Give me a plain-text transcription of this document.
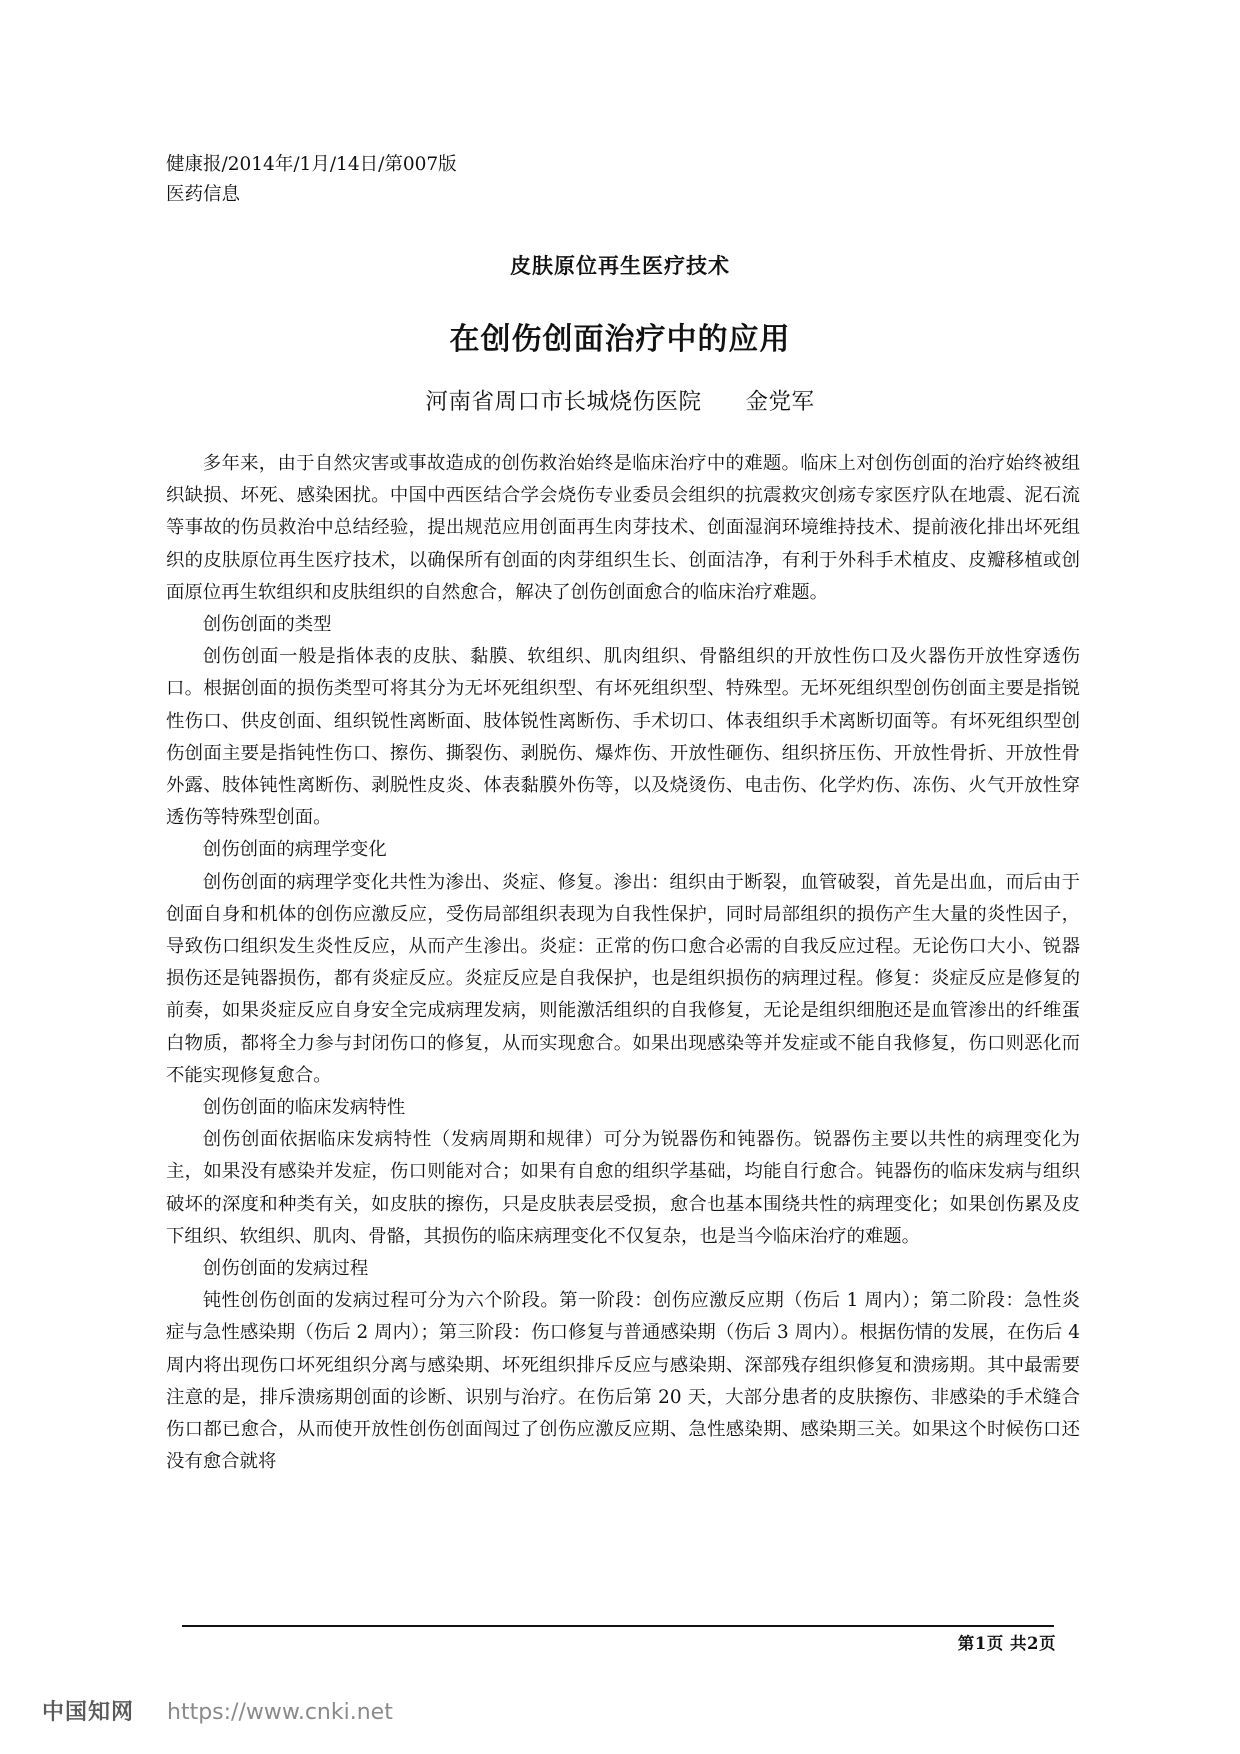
健康报/2014年/1月/14日/第007版
医药信息
皮肤原位再生医疗技术
在创伤创面治疗中的应用
河南省周口市长城烧伤医院 金党军

多年来，由于自然灾害或事故造成的创伤救治始终是临床治疗中的难题。临床上对创伤创面的治疗始终被组织缺损、坏死、感染困扰。中国中西医结合学会烧伤专业委员会组织的抗震救灾创疡专家医疗队在地震、泥石流等事故的伤员救治中总结经验，提出规范应用创面再生肉芽技术、创面湿润环境维持技术、提前液化排出坏死组织的皮肤原位再生医疗技术，以确保所有创面的肉芽组织生长、创面洁净，有利于外科手术植皮、皮瓣移植或创面原位再生软组织和皮肤组织的自然愈合，解决了创伤创面愈合的临床治疗难题。

创伤创面的类型

创伤创面一般是指体表的皮肤、黏膜、软组织、肌肉组织、骨骼组织的开放性伤口及火器伤开放性穿透伤口。根据创面的损伤类型可将其分为无坏死组织型、有坏死组织型、特殊型。无坏死组织型创伤创面主要是指锐性伤口、供皮创面、组织锐性离断面、肢体锐性离断伤、手术切口、体表组织手术离断切面等。有坏死组织型创伤创面主要是指钝性伤口、擦伤、撕裂伤、剥脱伤、爆炸伤、开放性砸伤、组织挤压伤、开放性骨折、开放性骨外露、肢体钝性离断伤、剥脱性皮炎、体表黏膜外伤等，以及烧烫伤、电击伤、化学灼伤、冻伤、火气开放性穿透伤等特殊型创面。

创伤创面的病理学变化

创伤创面的病理学变化共性为渗出、炎症、修复。渗出：组织由于断裂，血管破裂，首先是出血，而后由于创面自身和机体的创伤应激反应，受伤局部组织表现为自我性保护，同时局部组织的损伤产生大量的炎性因子，导致伤口组织发生炎性反应，从而产生渗出。炎症：正常的伤口愈合必需的自我反应过程。无论伤口大小、锐器损伤还是钝器损伤，都有炎症反应。炎症反应是自我保护，也是组织损伤的病理过程。修复：炎症反应是修复的前奏，如果炎症反应自身安全完成病理发病，则能激活组织的自我修复，无论是组织细胞还是血管渗出的纤维蛋白物质，都将全力参与封闭伤口的修复，从而实现愈合。如果出现感染等并发症或不能自我修复，伤口则恶化而不能实现修复愈合。

创伤创面的临床发病特性

创伤创面依据临床发病特性（发病周期和规律）可分为锐器伤和钝器伤。锐器伤主要以共性的病理变化为主，如果没有感染并发症，伤口则能对合；如果有自愈的组织学基础，均能自行愈合。钝器伤的临床发病与组织破坏的深度和种类有关，如皮肤的擦伤，只是皮肤表层受损，愈合也基本围绕共性的病理变化；如果创伤累及皮下组织、软组织、肌肉、骨骼，其损伤的临床病理变化不仅复杂，也是当今临床治疗的难题。

创伤创面的发病过程

钝性创伤创面的发病过程可分为六个阶段。第一阶段：创伤应激反应期（伤后 1 周内）；第二阶段：急性炎症与急性感染期（伤后 2 周内）；第三阶段：伤口修复与普通感染期（伤后 3 周内）。根据伤情的发展，在伤后 4 周内将出现伤口坏死组织分离与感染期、坏死组织排斥反应与感染期、深部残存组织修复和溃疡期。其中最需要注意的是，排斥溃疡期创面的诊断、识别与治疗。在伤后第 20 天，大部分患者的皮肤擦伤、非感染的手术缝合伤口都已愈合，从而使开放性创伤创面闯过了创伤应激反应期、急性感染期、感染期三关。如果这个时候伤口还没有愈合就将

第1页 共2页
中国知网 https://www.cnki.net
